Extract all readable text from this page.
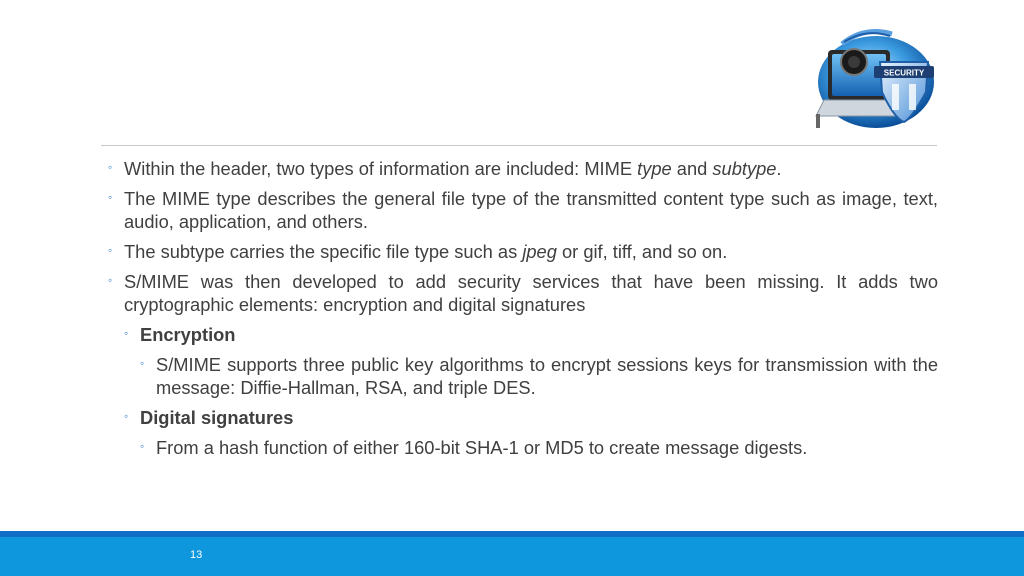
SECURITY
◦ Within the header, two types of information are included: MIME type and subtype.
◦ The MIME type describes the general file type of the transmitted content type such as image, text, audio, application, and others.
◦ The subtype carries the specific file type such as jpeg or gif, tiff, and so on.
◦ S/MIME was then developed to add security services that have been missing. It adds two cryptographic elements: encryption and digital signatures
◦ Encryption
◦ S/MIME supports three public key algorithms to encrypt sessions keys for transmission with the message: Diffie-Hallman, RSA, and triple DES.
◦ Digital signatures
◦ From a hash function of either 160-bit SHA-1 or MD5 to create message digests.
13
